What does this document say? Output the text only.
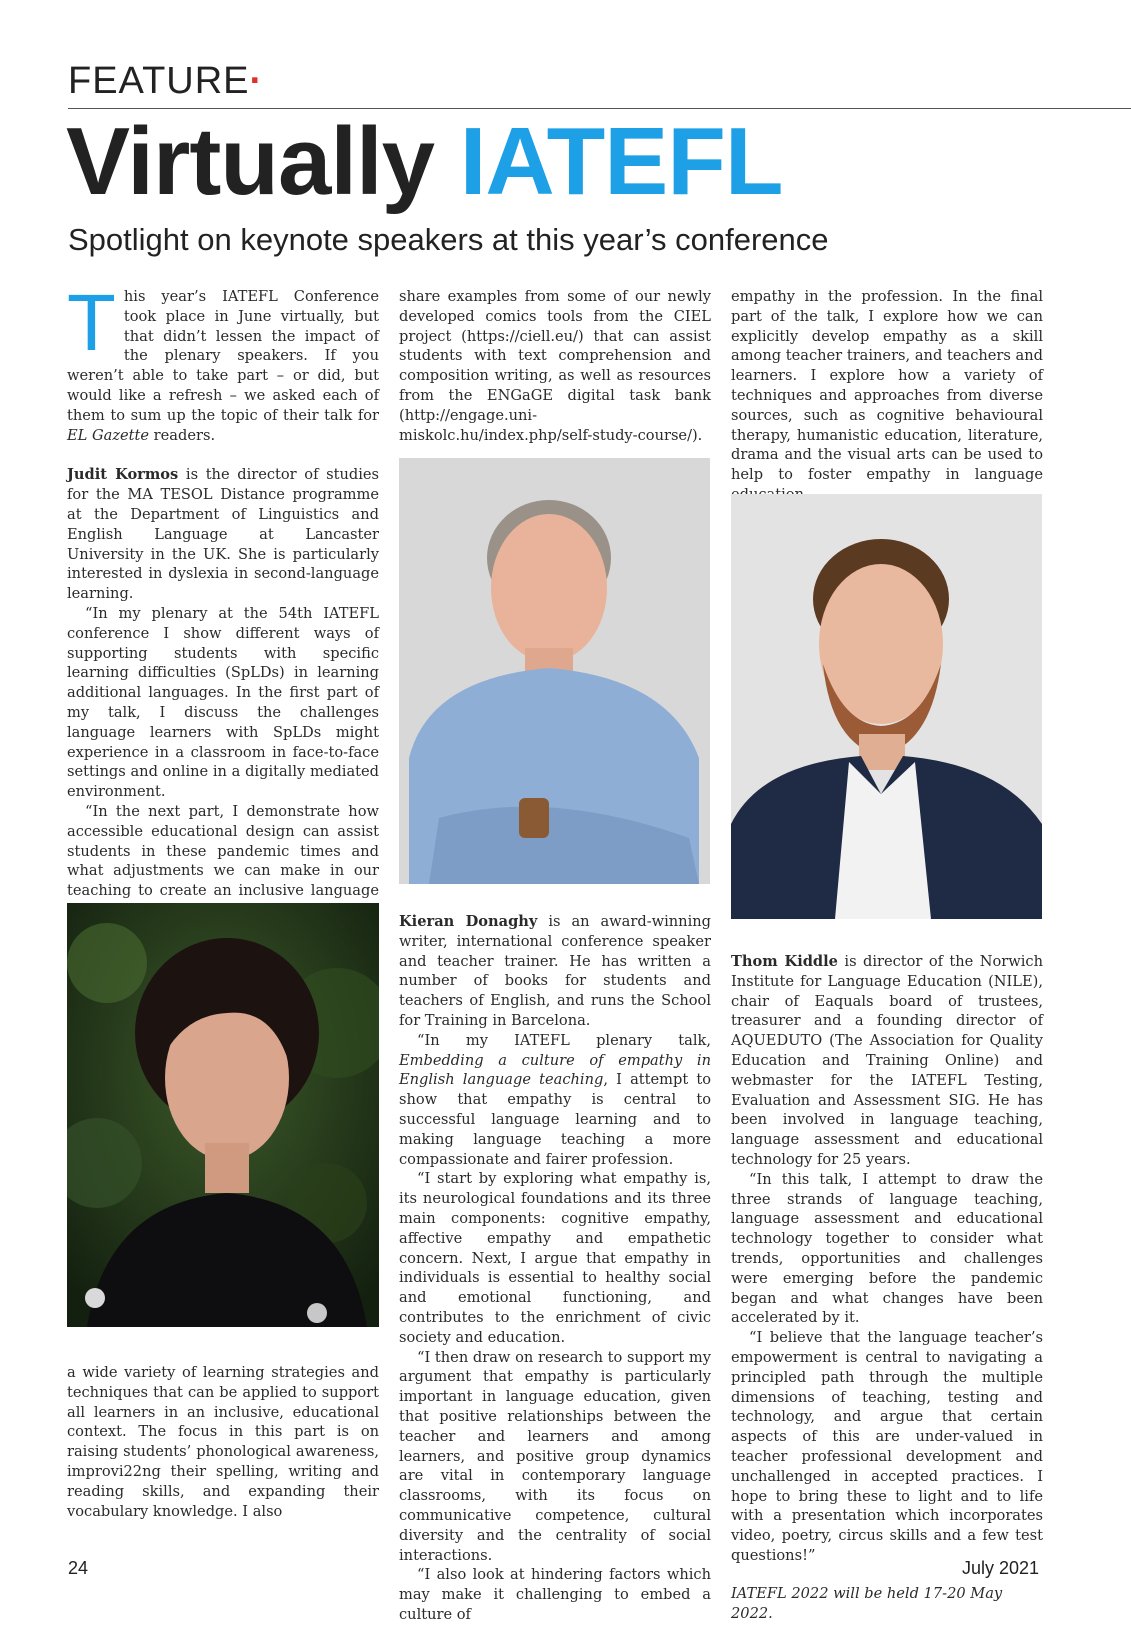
FEATURE·
Virtually IATEFL
Spotlight on keynote speakers at this year’s conference

This year’s IATEFL Conference took place in June virtually, but that didn’t lessen the impact of the plenary speakers. If you weren’t able to take part – or did, but would like a refresh – we asked each of them to sum up the topic of their talk for EL Gazette readers.

Judit Kormos is the director of studies for the MA TESOL Distance programme at the Department of Linguistics and English Language at Lancaster University in the UK. She is particularly interested in dyslexia in second-language learning.

“In my plenary at the 54th IATEFL conference I show different ways of supporting students with specific learning difficulties (SpLDs) in learning additional languages. In the first part of my talk, I discuss the challenges language learners with SpLDs might experience in a classroom in face-to-face settings and online in a digitally mediated environment.

“In the next part, I demonstrate how accessible educational design can assist students in these pandemic times and what adjustments we can make in our teaching to create an inclusive language

a wide variety of learning strategies and techniques that can be applied to support all learners in an inclusive, educational context. The focus in this part is on raising students’ phonological awareness, improvi22ng their spelling, writing and reading skills, and expanding their vocabulary knowledge. I also

share examples from some of our newly developed comics tools from the CIEL project (https://ciell.eu/) that can assist students with text comprehension and composition writing, as well as resources from the ENGaGE digital task bank (http://engage.uni-miskolc.hu/index.php/self-study-course/).

Kieran Donaghy is an award-winning writer, international conference speaker and teacher trainer. He has written a number of books for students and teachers of English, and runs the School for Training in Barcelona.

“In my IATEFL plenary talk, Embedding a culture of empathy in English language teaching, I attempt to show that empathy is central to successful language learning and to making language teaching a more compassionate and fairer profession.

“I start by exploring what empathy is, its neurological foundations and its three main components: cognitive empathy, affective empathy and empathetic concern. Next, I argue that empathy in individuals is essential to healthy social and emotional functioning, and contributes to the enrichment of civic society and education.

“I then draw on research to support my argument that empathy is particularly important in language education, given that positive relationships between the teacher and learners and among learners, and positive group dynamics are vital in contemporary language classrooms, with its focus on communicative competence, cultural diversity and the centrality of social interactions.

“I also look at hindering factors which may make it challenging to embed a culture of

empathy in the profession. In the final part of the talk, I explore how we can explicitly develop empathy as a skill among teacher trainers, and teachers and learners. I explore how a variety of techniques and approaches from diverse sources, such as cognitive behavioural therapy, humanistic education, literature, drama and the visual arts can be used to help to foster empathy in language

Thom Kiddle is director of the Norwich Institute for Language Education (NILE), chair of Eaquals board of trustees, treasurer and a founding director of AQUEDUTO (The Association for Quality Education and Training Online) and webmaster for the IATEFL Testing, Evaluation and Assessment SIG. He has been involved in language teaching, language assessment and educational technology for 25 years.

“In this talk, I attempt to draw the three strands of language teaching, language assessment and educational technology together to consider what trends, opportunities and challenges were emerging before the pandemic began and what changes have been accelerated by it.

“I believe that the language teacher’s empowerment is central to navigating a principled path through the multiple dimensions of teaching, testing and technology, and argue that certain aspects of this are under-valued in teacher professional development and unchallenged in accepted practices. I hope to bring these to light and to life with a presentation which incorporates video, poetry, circus skills and a few test questions!”

IATEFL 2022 will be held 17-20 May 2022.

24	July 2021
